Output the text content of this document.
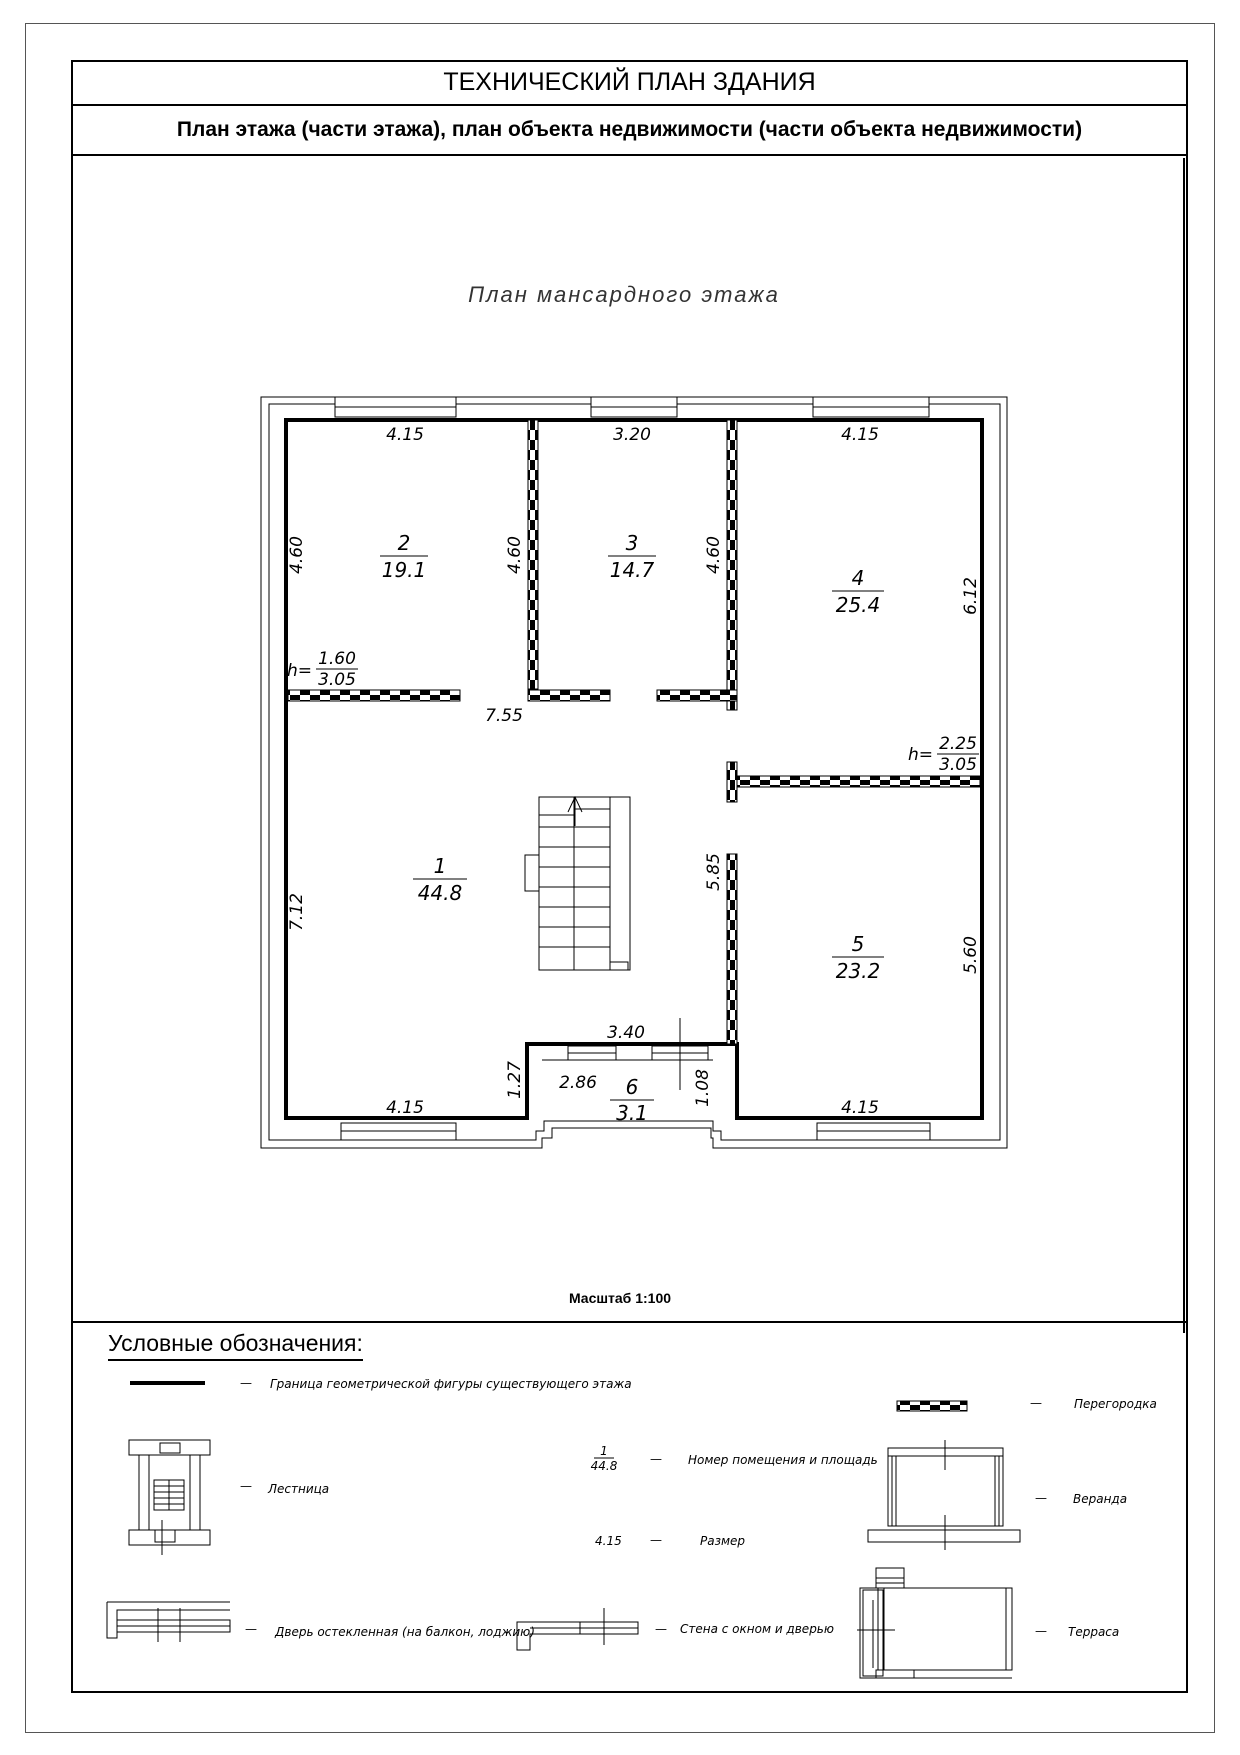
ТЕХНИЧЕСКИЙ ПЛАН ЗДАНИЯ
План этажа (части этажа), план объекта недвижимости (части объекта недвижимости)
План мансардного этажа
Масштаб 1:100
Условные обозначения:
1
44.8
2
19.1
3
14.7	4
25.4
5
23.2
6
3.1
4.15	3.20	4.15
4.60	4.60	4.60
6.12
7.55
7.12
5.85
5.60
3.40
1.27 2.86	1.08
4.15	4.15
h=
1.60
3.05
h=
2.25
3.05
— Граница геометрической фигуры существующего этажа
—	Перегородка
— Лестница
1
44.8	— Номер помещения и площадь
— Веранда
4.15 —	Размер
— Дверь остекленная (на балкон, лоджию)	— Стена с окном и дверью	— Терраса
